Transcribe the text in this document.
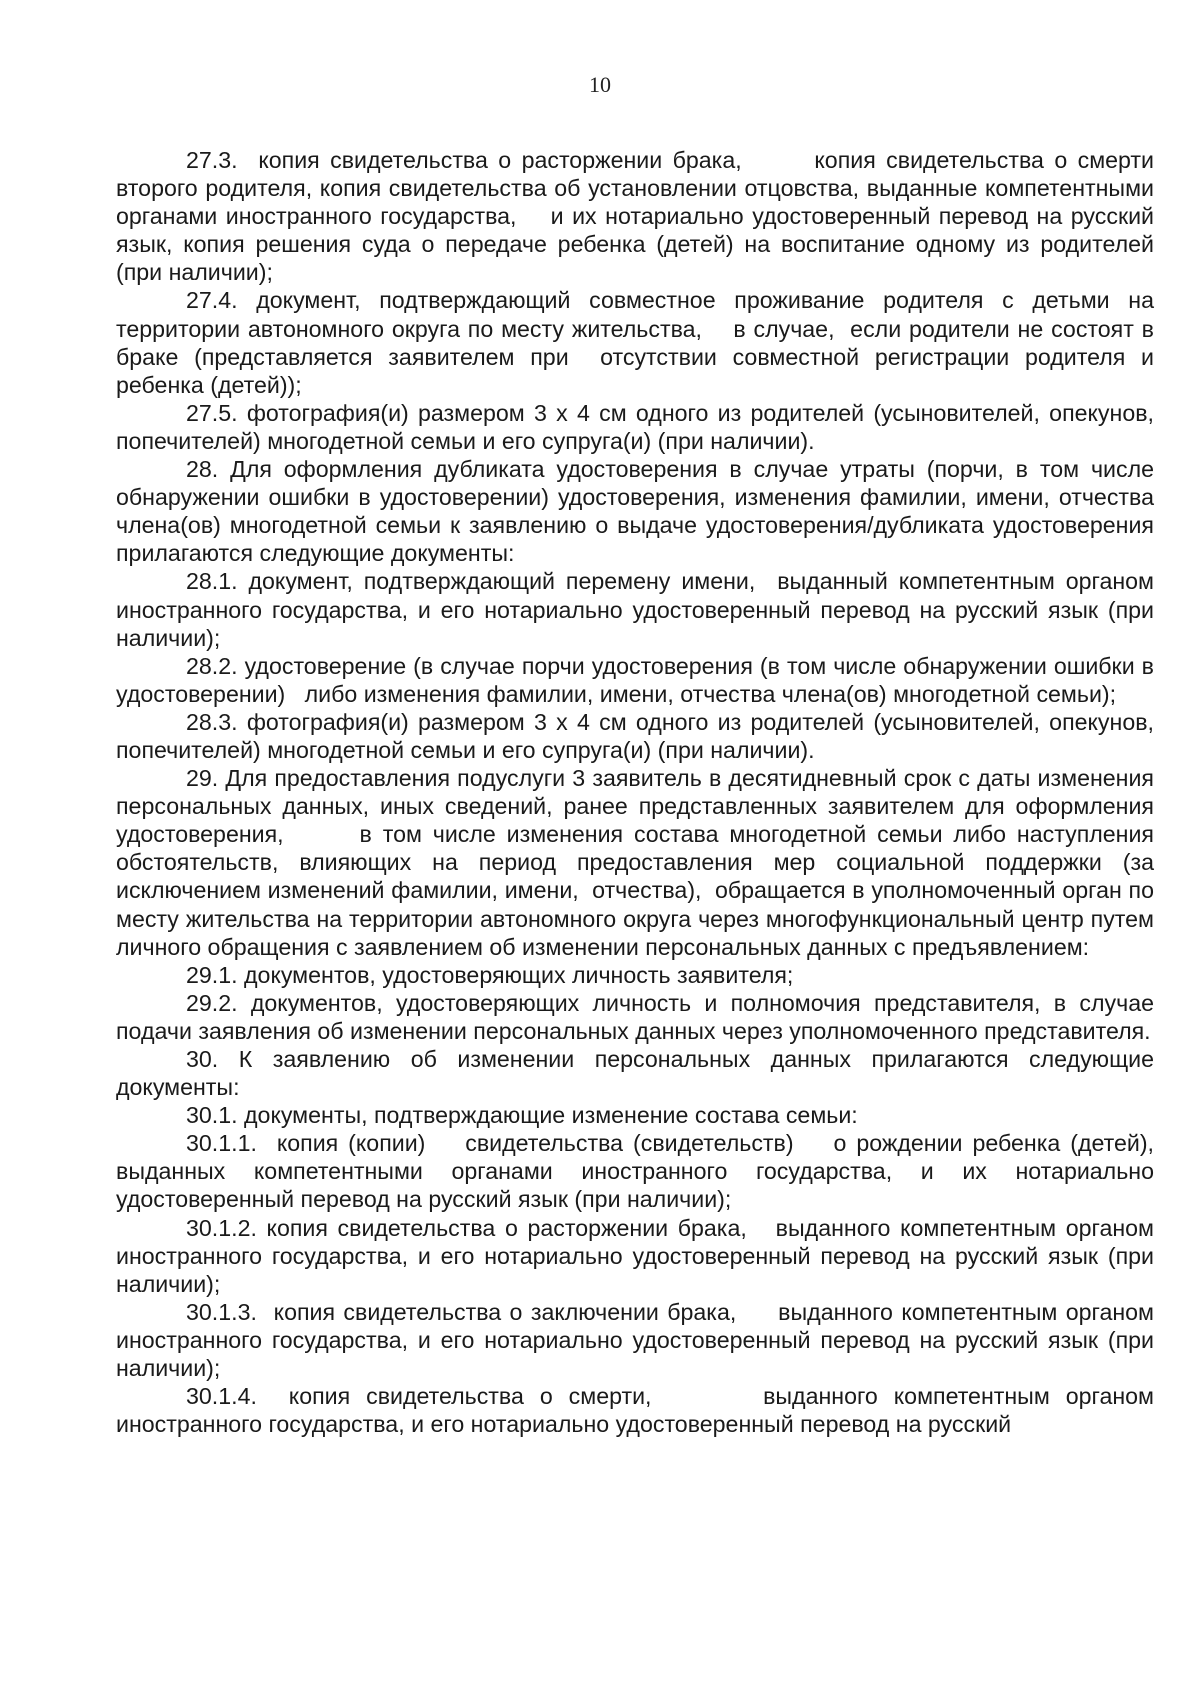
10

27.3.  копия свидетельства о расторжении брака,       копия свидетельства о смерти второго родителя, копия свидетельства об установлении отцовства, выданные компетентными органами иностранного государства,    и их нотариально удостоверенный перевод на русский язык, копия решения суда о передаче ребенка (детей) на воспитание одному из родителей (при наличии);

27.4. документ, подтверждающий совместное проживание родителя с детьми на территории автономного округа по месту жительства,    в случае,  если родители не состоят в браке (представляется заявителем при  отсутствии совместной регистрации родителя и ребенка (детей));

27.5. фотография(и) размером 3 х 4 см одного из родителей (усыновителей, опекунов, попечителей) многодетной семьи и его супруга(и) (при наличии).

28. Для оформления дубликата удостоверения в случае утраты (порчи, в том числе обнаружении ошибки в удостоверении) удостоверения, изменения фамилии, имени, отчества члена(ов) многодетной семьи к заявлению о выдаче удостоверения/дубликата удостоверения прилагаются следующие документы:

28.1. документ, подтверждающий перемену имени,  выданный компетентным органом иностранного государства, и его нотариально удостоверенный перевод на русский язык (при наличии);

28.2. удостоверение (в случае порчи удостоверения (в том числе обнаружении ошибки в удостоверении)   либо изменения фамилии, имени, отчества члена(ов) многодетной семьи);

28.3. фотография(и) размером 3 х 4 см одного из родителей (усыновителей, опекунов, попечителей) многодетной семьи и его супруга(и) (при наличии).

29. Для предоставления подуслуги 3 заявитель в десятидневный срок с даты изменения персональных данных, иных сведений, ранее представленных заявителем для оформления удостоверения,       в том числе изменения состава многодетной семьи либо наступления обстоятельств, влияющих на период предоставления мер социальной поддержки (за исключением изменений фамилии, имени,  отчества),  обращается в уполномоченный орган по месту жительства на территории автономного округа через многофункциональный центр путем личного обращения с заявлением об изменении персональных данных с предъявлением:

29.1. документов, удостоверяющих личность заявителя;

29.2. документов, удостоверяющих личность и полномочия представителя, в случае подачи заявления об изменении персональных данных через уполномоченного представителя.

30. К заявлению об изменении персональных данных прилагаются следующие документы:

30.1. документы, подтверждающие изменение состава семьи:

30.1.1.  копия (копии)    свидетельства (свидетельств)    о рождении ребенка (детей), выданных компетентными органами иностранного государства, и их нотариально удостоверенный перевод на русский язык (при наличии);

30.1.2. копия свидетельства о расторжении брака,   выданного компетентным органом иностранного государства, и его нотариально удостоверенный перевод на русский язык (при наличии);

30.1.3.  копия свидетельства о заключении брака,     выданного компетентным органом иностранного государства, и его нотариально удостоверенный перевод на русский язык (при наличии);

30.1.4.  копия свидетельства о смерти,       выданного компетентным органом иностранного государства, и его нотариально удостоверенный перевод на русский
